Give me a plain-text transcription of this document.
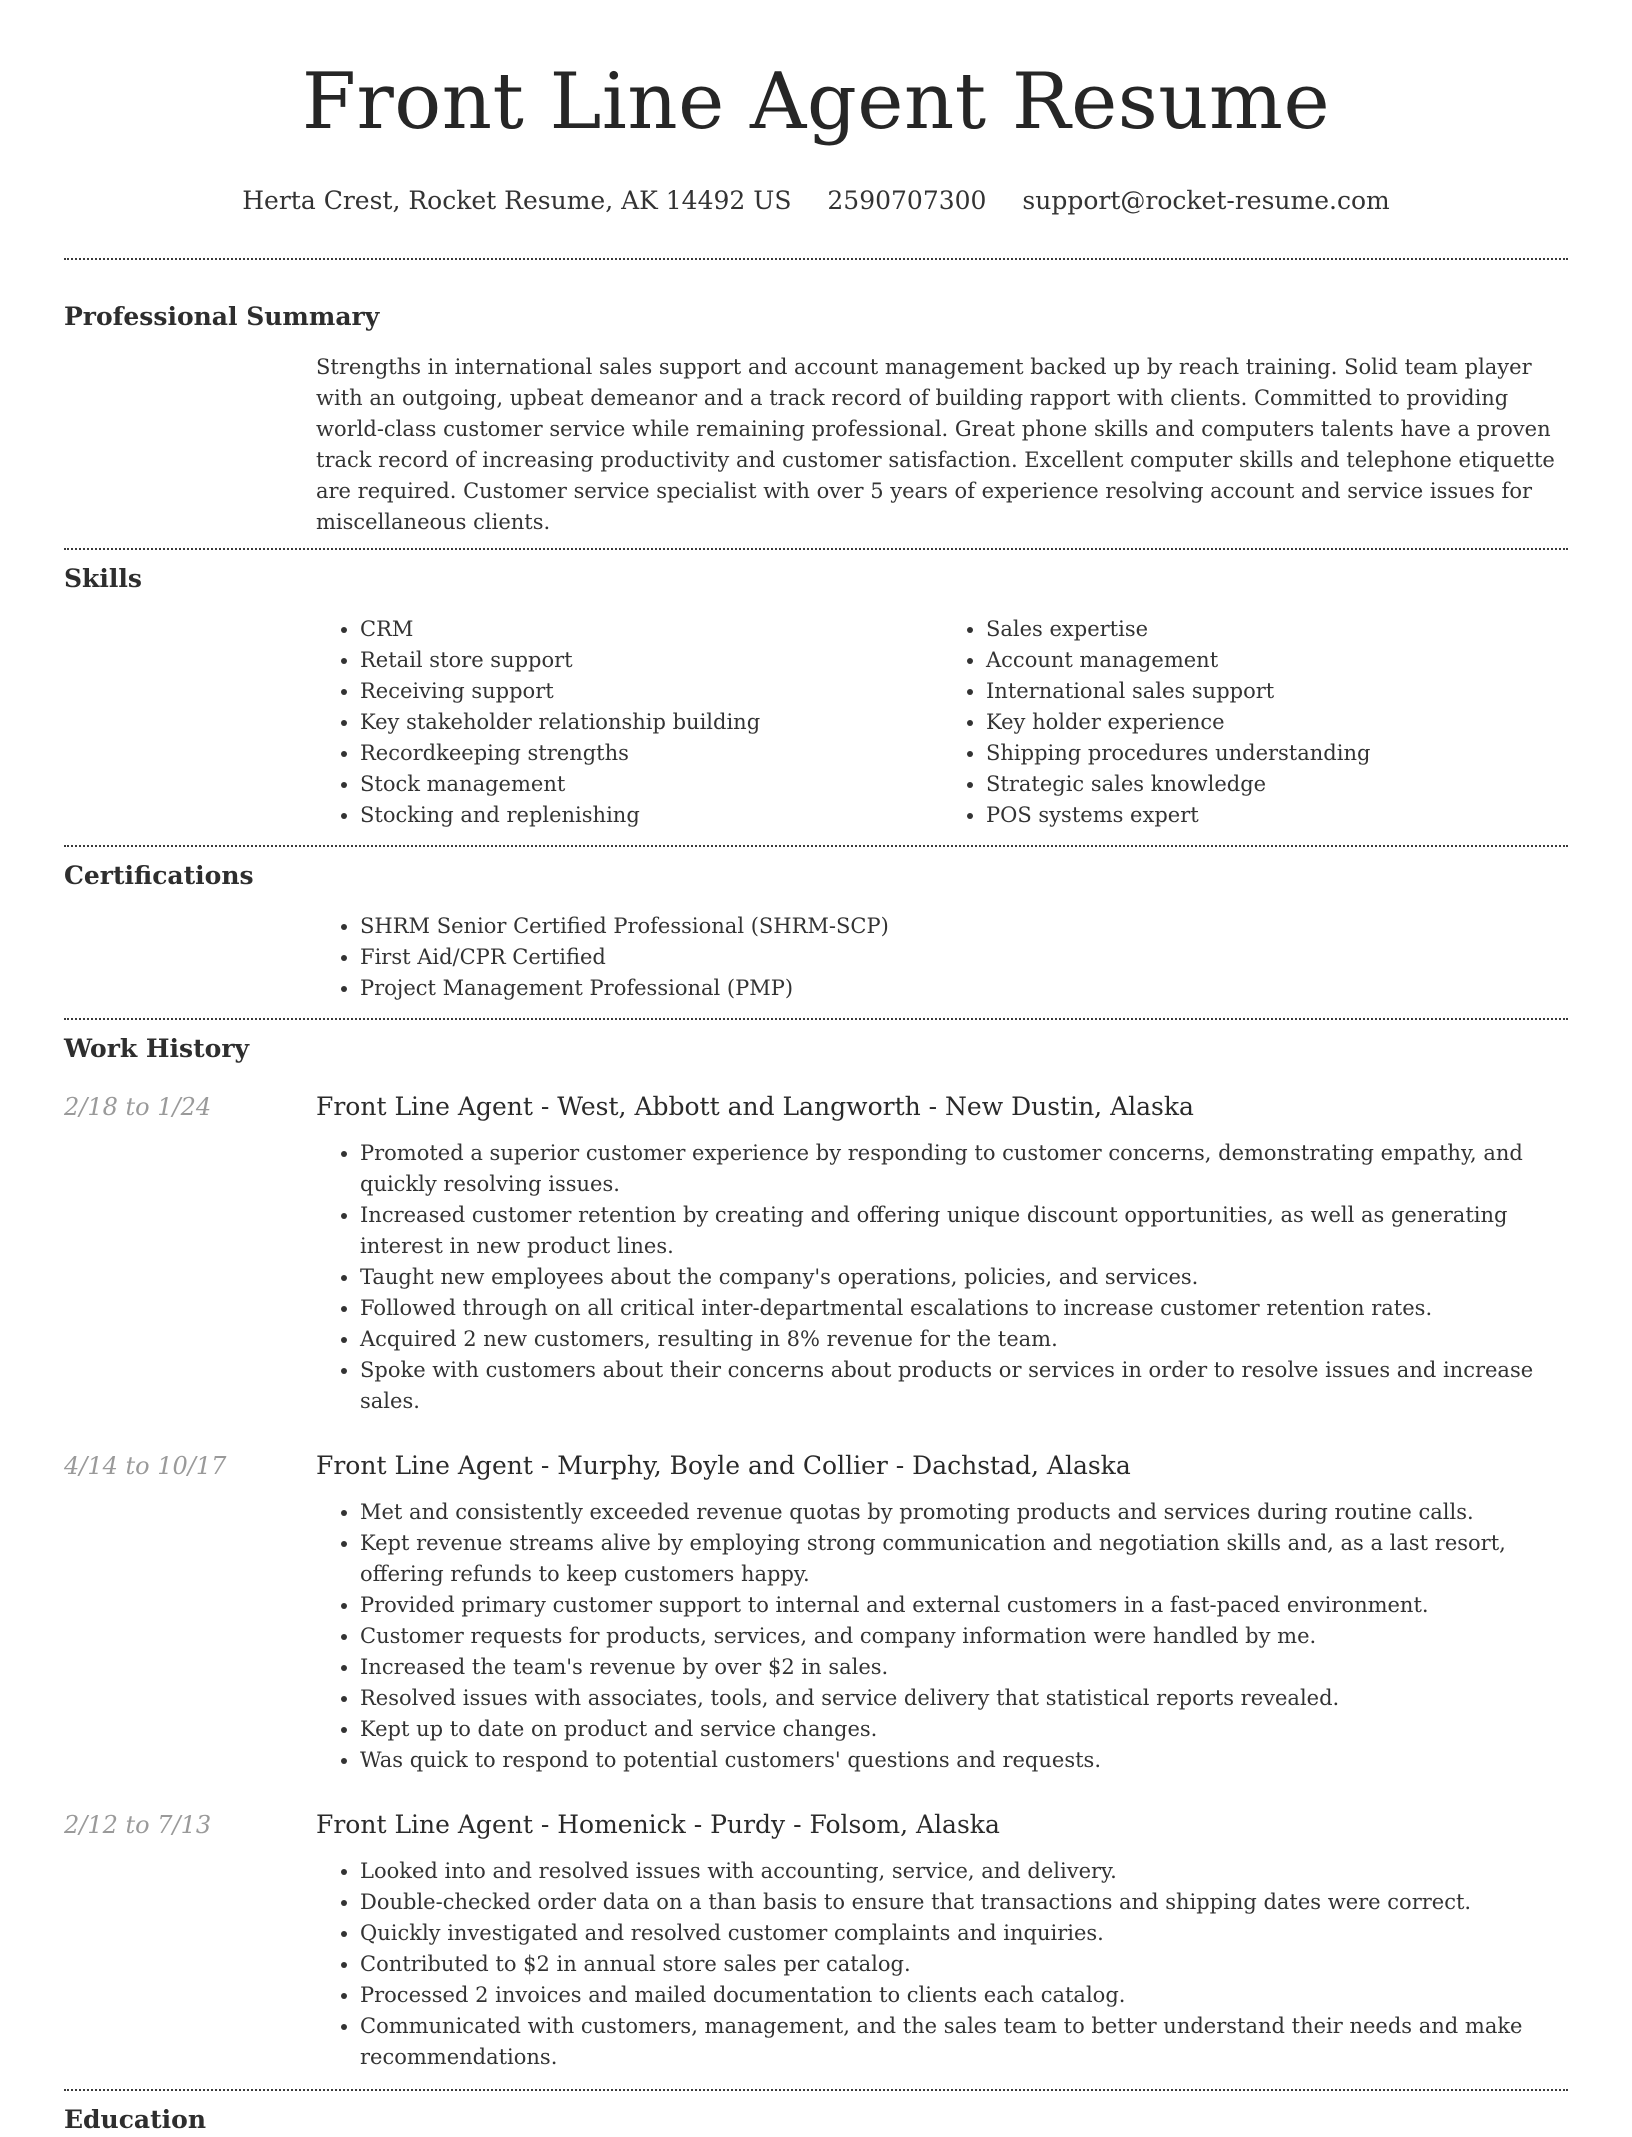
Front Line Agent Resume
Herta Crest, Rocket Resume, AK 14492 US 2590707300 support@rocket-resume.com
Professional Summary

Strengths in international sales support and account management backed up by reach training. Solid team player with an outgoing, upbeat demeanor and a track record of building rapport with clients. Committed to providing world-class customer service while remaining professional. Great phone skills and computers talents have a proven track record of increasing productivity and customer satisfaction. Excellent computer skills and telephone etiquette are required. Customer service specialist with over 5 years of experience resolving account and service issues for miscellaneous clients.

Skills
• CRM
• Retail store support
• Receiving support
• Key stakeholder relationship building
• Recordkeeping strengths
• Stock management
• Stocking and replenishing
• Sales expertise
• Account management
• International sales support
• Key holder experience
• Shipping procedures understanding
• Strategic sales knowledge
• POS systems expert
Certifications
• SHRM Senior Certified Professional (SHRM-SCP)
• First Aid/CPR Certified
• Project Management Professional (PMP)
Work History
2/18 to 1/24	Front Line Agent - West, Abbott and Langworth - New Dustin, Alaska
• Promoted a superior customer experience by responding to customer concerns, demonstrating empathy, and quickly resolving issues.
• Increased customer retention by creating and offering unique discount opportunities, as well as generating interest in new product lines.
• Taught new employees about the company's operations, policies, and services.
• Followed through on all critical inter-departmental escalations to increase customer retention rates.
• Acquired 2 new customers, resulting in 8% revenue for the team.
• Spoke with customers about their concerns about products or services in order to resolve issues and increase sales.
4/14 to 10/17	Front Line Agent - Murphy, Boyle and Collier - Dachstad, Alaska
• Met and consistently exceeded revenue quotas by promoting products and services during routine calls.
• Kept revenue streams alive by employing strong communication and negotiation skills and, as a last resort, offering refunds to keep customers happy.
• Provided primary customer support to internal and external customers in a fast-paced environment.
• Customer requests for products, services, and company information were handled by me.
• Increased the team's revenue by over $2 in sales.
• Resolved issues with associates, tools, and service delivery that statistical reports revealed.
• Kept up to date on product and service changes.
• Was quick to respond to potential customers' questions and requests.
2/12 to 7/13	Front Line Agent - Homenick - Purdy - Folsom, Alaska
• Looked into and resolved issues with accounting, service, and delivery.
• Double-checked order data on a than basis to ensure that transactions and shipping dates were correct.
• Quickly investigated and resolved customer complaints and inquiries.
• Contributed to $2 in annual store sales per catalog.
• Processed 2 invoices and mailed documentation to clients each catalog.
• Communicated with customers, management, and the sales team to better understand their needs and make recommendations.
Education
